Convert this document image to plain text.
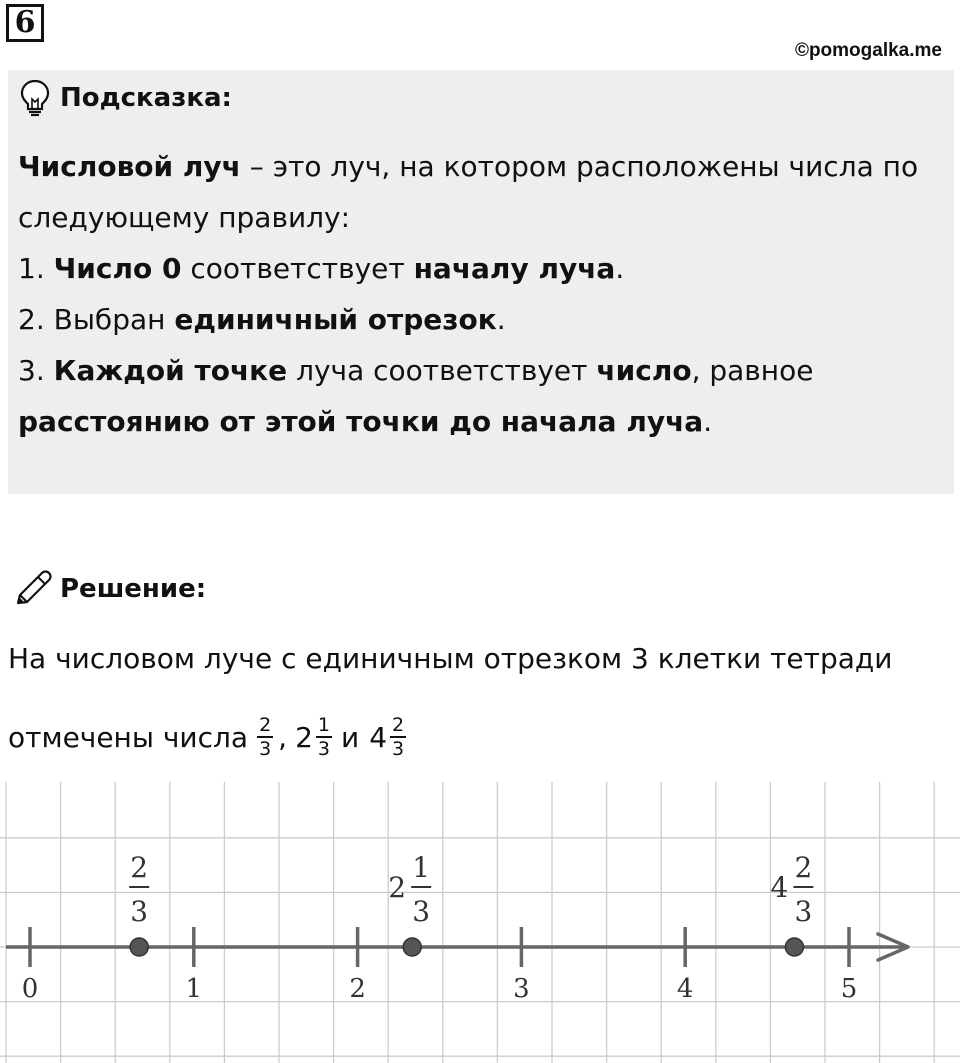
6
©pomogalka.me
Подсказка:

Числовой луч – это луч, на котором расположены числа по следующему правилу:

1. Число 0 соответствует началу луча.

2. Выбран единичный отрезок.

3. Каждой точке луча соответствует число, равное расстоянию от этой точки до начала луча.

Решение:
На числовом луче с единичным отрезком 3 клетки тетради
отмечены числа $\frac{2}{3}$ , $2 \frac{1}{3}$ и $4 \frac{2}{3}$
0	1	2	3	4	5
2
3
1
3
2
2
3
4
